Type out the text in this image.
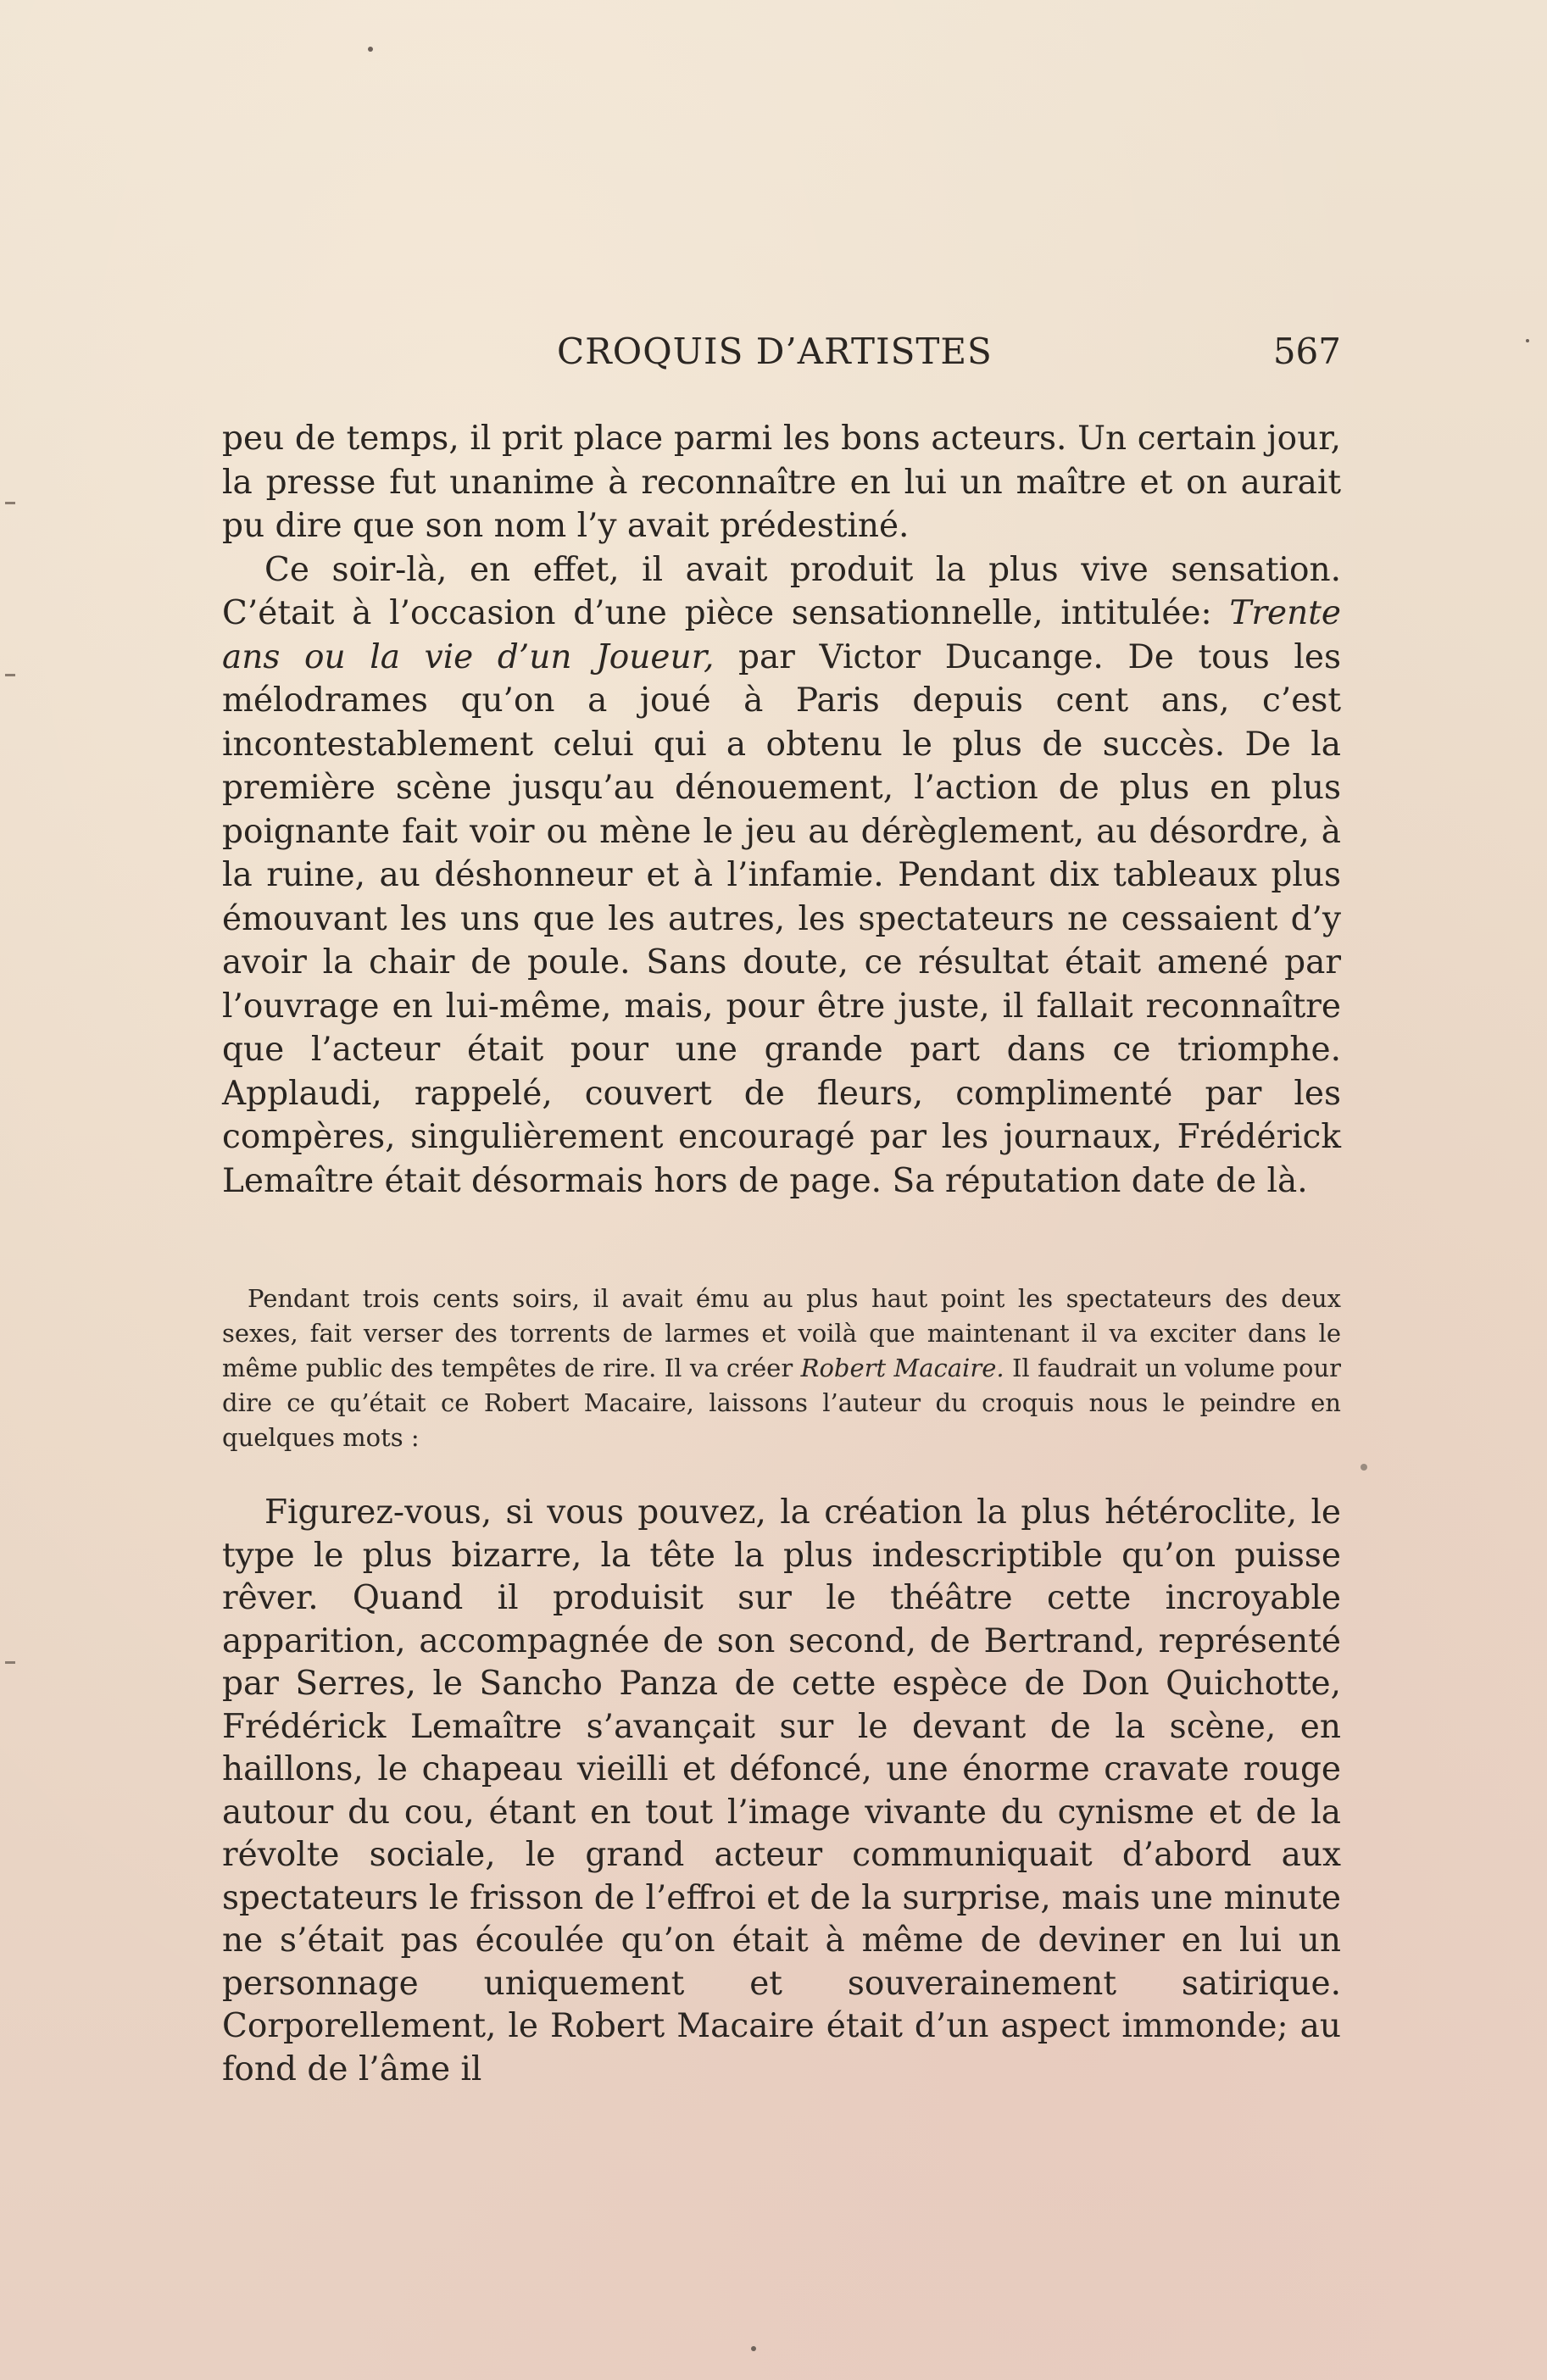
CROQUIS D’ARTISTES	567

peu de temps, il prit place parmi les bons acteurs. Un certain jour, la presse fut unanime à reconnaître en lui un maître et on aurait pu dire que son nom l’y avait prédestiné.

Ce soir-là, en effet, il avait produit la plus vive sensation. C’était à l’occasion d’une pièce sensationnelle, intitulée: Trente ans ou la vie d’un Joueur, par Victor Ducange. De tous les mélodrames qu’on a joué à Paris depuis cent ans, c’est incontestablement celui qui a obtenu le plus de succès. De la première scène jusqu’au dénouement, l’action de plus en plus poignante fait voir ou mène le jeu au dérèglement, au désordre, à la ruine, au déshonneur et à l’infamie. Pendant dix tableaux plus émouvant les uns que les autres, les spectateurs ne cessaient d’y avoir la chair de poule. Sans doute, ce résultat était amené par l’ouvrage en lui-même, mais, pour être juste, il fallait reconnaître que l’acteur était pour une grande part dans ce triomphe. Applaudi, rappelé, couvert de fleurs, complimenté par les compères, singulièrement encouragé par les journaux, Frédérick Lemaître était désormais hors de page. Sa réputation date de là.

Pendant trois cents soirs, il avait ému au plus haut point les spectateurs des deux sexes, fait verser des torrents de larmes et voilà que maintenant il va exciter dans le même public des tempêtes de rire. Il va créer Robert Macaire. Il faudrait un volume pour dire ce qu’était ce Robert Macaire, laissons l’auteur du croquis nous le peindre en quelques mots :

Figurez-vous, si vous pouvez, la création la plus hétéroclite, le type le plus bizarre, la tête la plus indescriptible qu’on puisse rêver. Quand il produisit sur le théâtre cette incroyable apparition, accompagnée de son second, de Bertrand, représenté par Serres, le Sancho Panza de cette espèce de Don Quichotte, Frédérick Lemaître s’avançait sur le devant de la scène, en haillons, le chapeau vieilli et défoncé, une énorme cravate rouge autour du cou, étant en tout l’image vivante du cynisme et de la révolte sociale, le grand acteur communiquait d’abord aux spectateurs le frisson de l’effroi et de la surprise, mais une minute ne s’était pas écoulée qu’on était à même de deviner en lui un personnage uniquement et souverainement satirique. Corporellement, le Robert Macaire était d’un aspect immonde; au fond de l’âme il
